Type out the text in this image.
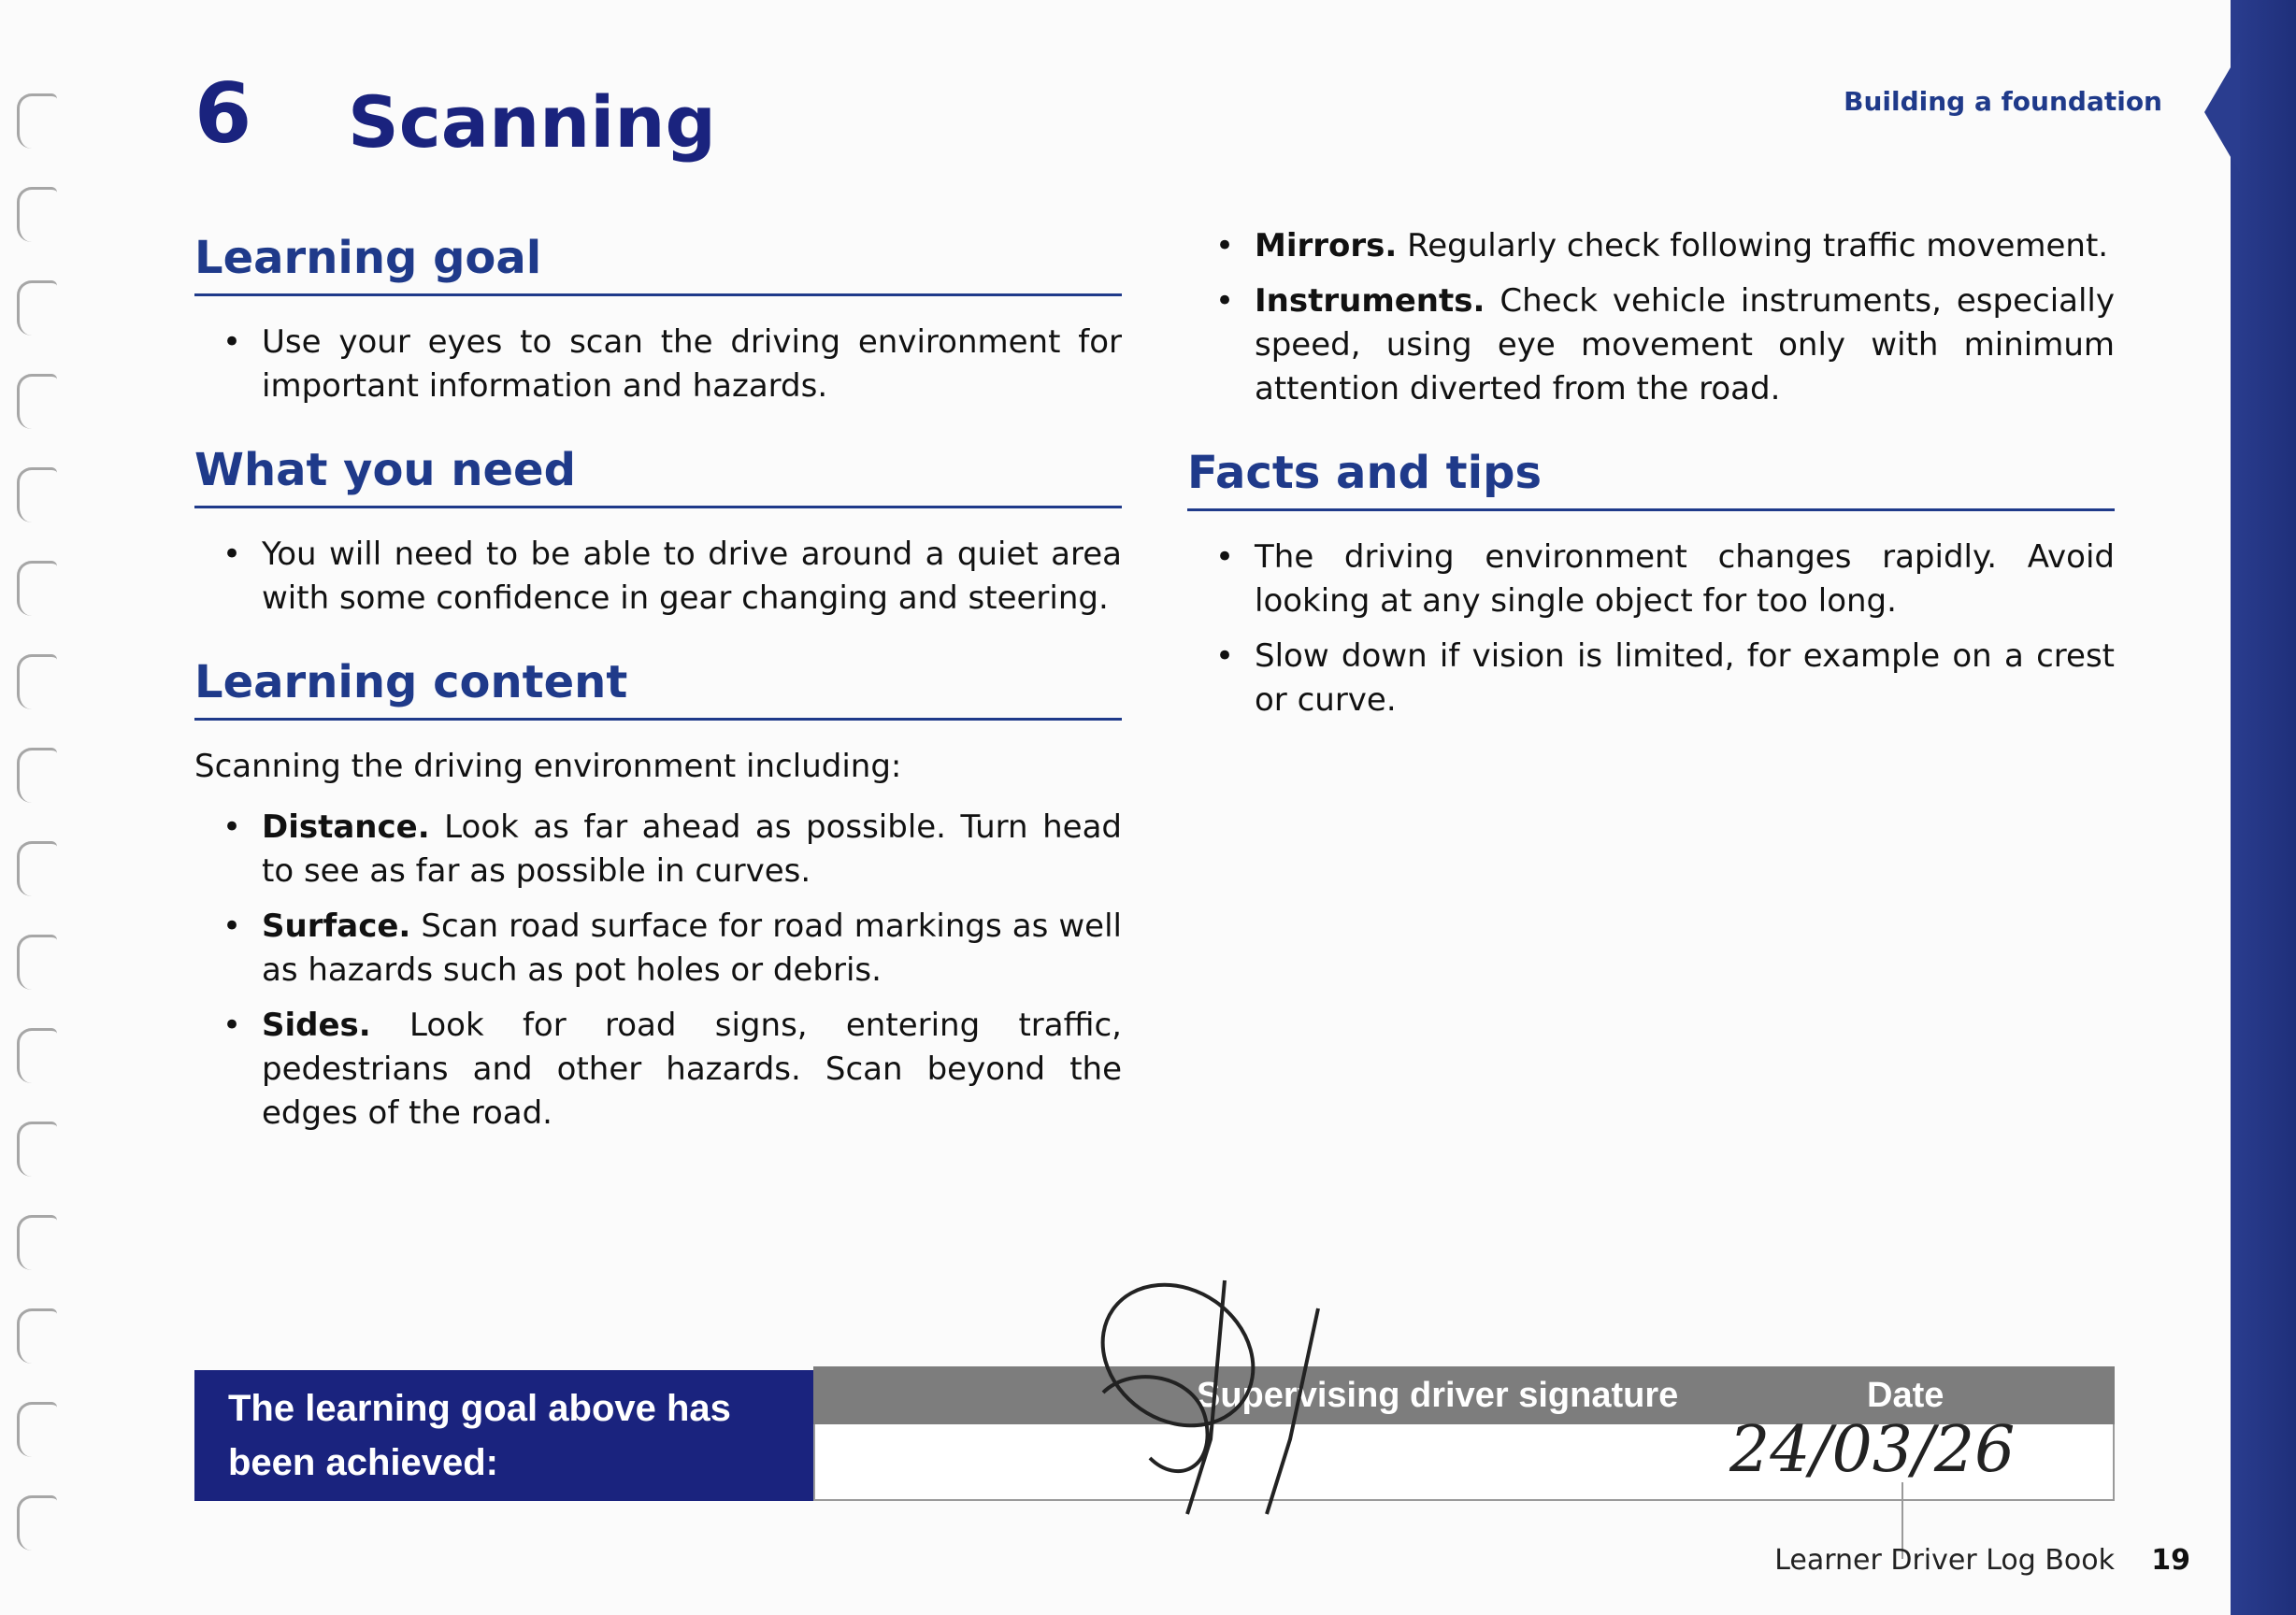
6 Scanning	Building a foundation
Learning goal
• Use your eyes to scan the driving environment for important information and hazards.
What you need
• You will need to be able to drive around a quiet area with some confidence in gear changing and steering.
Learning content

Scanning the driving environment including:

• Distance. Look as far ahead as possible. Turn head to see as far as possible in curves.
• Surface. Scan road surface for road markings as well as hazards such as pot holes or debris.
• Sides. Look for road signs, entering traffic, pedestrians and other hazards. Scan beyond the edges of the road.
• Mirrors. Regularly check following traffic movement.
• Instruments. Check vehicle instruments, especially speed, using eye movement only with minimum attention diverted from the road.
Facts and tips
• The driving environment changes rapidly. Avoid looking at any single object for too long.
• Slow down if vision is limited, for example on a crest or curve.
The learning goal above has been achieved:
Supervising driver signature	Date
24/03/26
Learner Driver Log Book 19
